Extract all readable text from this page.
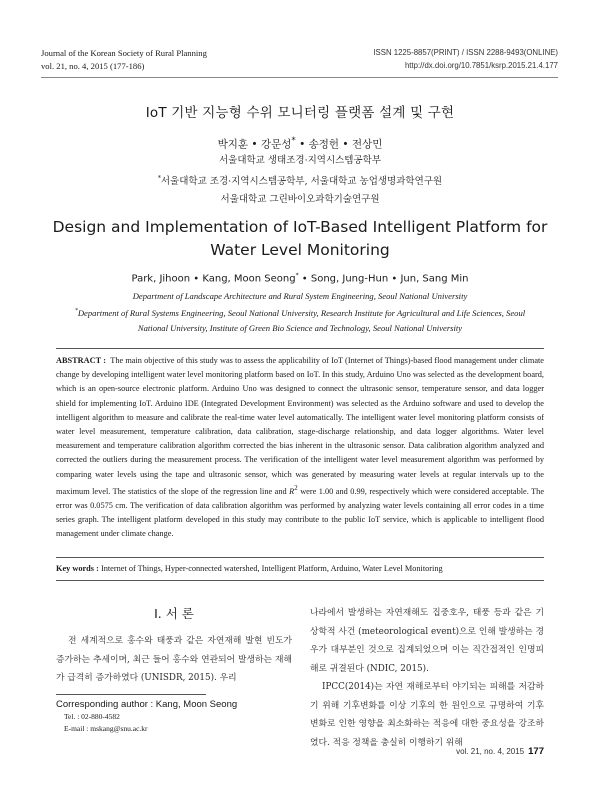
Journal of the Korean Society of Rural Planning
vol. 21, no. 4, 2015 (177-186)
ISSN 1225-8857(PRINT) / ISSN 2288-9493(ONLINE)
http://dx.doi.org/10.7851/ksrp.2015.21.4.177
IoT 기반 지능형 수위 모니터링 플랫폼 설계 및 구현
박지훈 • 강문성* • 송정헌 • 전상민
서울대학교 생태조경·지역시스템공학부
*서울대학교 조경·지역시스템공학부, 서울대학교 농업생명과학연구원
서울대학교 그린바이오과학기술연구원
Design and Implementation of IoT-Based Intelligent Platform for
Water Level Monitoring
Park, Jihoon • Kang, Moon Seong* • Song, Jung-Hun • Jun, Sang Min
Department of Landscape Architecture and Rural System Engineering, Seoul National University
*Department of Rural Systems Engineering, Seoul National University, Research Institute for Agricultural and Life Sciences, Seoul National University, Institute of Green Bio Science and Technology, Seoul National University
ABSTRACT : The main objective of this study was to assess the applicability of IoT (Internet of Things)-based flood management under climate change by developing intelligent water level monitoring platform based on IoT. In this study, Arduino Uno was selected as the development board, which is an open-source electronic platform. Arduino Uno was designed to connect the ultrasonic sensor, temperature sensor, and data logger shield for implementing IoT. Arduino IDE (Integrated Development Environment) was selected as the Arduino software and used to develop the intelligent algorithm to measure and calibrate the real-time water level automatically. The intelligent water level monitoring platform consists of water level measurement, temperature calibration, data calibration, stage-discharge relationship, and data logger algorithms. Water level measurement and temperature calibration algorithm corrected the bias inherent in the ultrasonic sensor. Data calibration algorithm analyzed and corrected the outliers during the measurement process. The verification of the intelligent water level measurement algorithm was performed by comparing water levels using the tape and ultrasonic sensor, which was generated by measuring water levels at regular intervals up to the maximum level. The statistics of the slope of the regression line and $R^2$ were 1.00 and 0.99, respectively which were considered acceptable. The error was 0.0575 cm. The verification of data calibration algorithm was performed by analyzing water levels containing all error codes in a time series graph. The intelligent platform developed in this study may contribute to the public IoT service, which is applicable to intelligent flood management under climate change.
Key words : Internet of Things, Hyper-connected watershed, Intelligent Platform, Arduino, Water Level Monitoring
I. 서 론
전 세계적으로 홍수와 태풍과 같은 자연재해 발현 빈도가 증가하는 추세이며, 최근 들어 홍수와 연관되어 발생하는 재해가 급격히 증가하였다 (UNISDR, 2015). 우리
Corresponding author : Kang, Moon Seong
Tel. : 02-880-4582
E-mail : mskang@snu.ac.kr

나라에서 발생하는 자연재해도 집중호우, 태풍 등과 같은 기상학적 사건 (meteorological event)으로 인해 발생하는 경우가 대부분인 것으로 집계되었으며 이는 직간접적인 인명피해로 귀결된다 (NDIC, 2015).

IPCC(2014)는 자연 재해로부터 야기되는 피해를 저감하기 위해 기후변화를 이상 기후의 한 원인으로 규명하여 기후변화로 인한 영향을 최소화하는 적응에 대한 중요성을 강조하였다. 적응 정책을 충실히 이행하기 위해

vol. 21, no. 4, 2015 177
